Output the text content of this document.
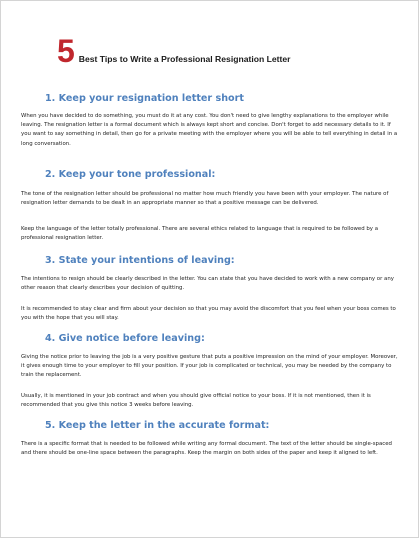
5 Best Tips to Write a Professional Resignation Letter
1. Keep your resignation letter short
When you have decided to do something, you must do it at any cost. You don't need to give lengthy explanations to the employer while leaving. The resignation letter is a formal document which is always kept short and concise. Don't forget to add necessary details to it. If you want to say something in detail, then go for a private meeting with the employer where you will be able to tell everything in detail in a long conversation.
2. Keep your tone professional:
The tone of the resignation letter should be professional no matter how much friendly you have been with your employer. The nature of resignation letter demands to be dealt in an appropriate manner so that a positive message can be delivered.
Keep the language of the letter totally professional. There are several ethics related to language that is required to be followed by a professional resignation letter.
3. State your intentions of leaving:
The intentions to resign should be clearly described in the letter. You can state that you have decided to work with a new company or any other reason that clearly describes your decision of quitting.
It is recommended to stay clear and firm about your decision so that you may avoid the discomfort that you feel when your boss comes to you with the hope that you will stay.
4. Give notice before leaving:
Giving the notice prior to leaving the job is a very positive gesture that puts a positive impression on the mind of your employer. Moreover, it gives enough time to your employer to fill your position. If your job is complicated or technical, you may be needed by the company to train the replacement.
Usually, it is mentioned in your job contract and when you should give official notice to your boss. If it is not mentioned, then it is recommended that you give this notice 3 weeks before leaving.
5. Keep the letter in the accurate format:
There is a specific format that is needed to be followed while writing any formal document. The text of the letter should be single-spaced and there should be one-line space between the paragraphs. Keep the margin on both sides of the paper and keep it aligned to left.
